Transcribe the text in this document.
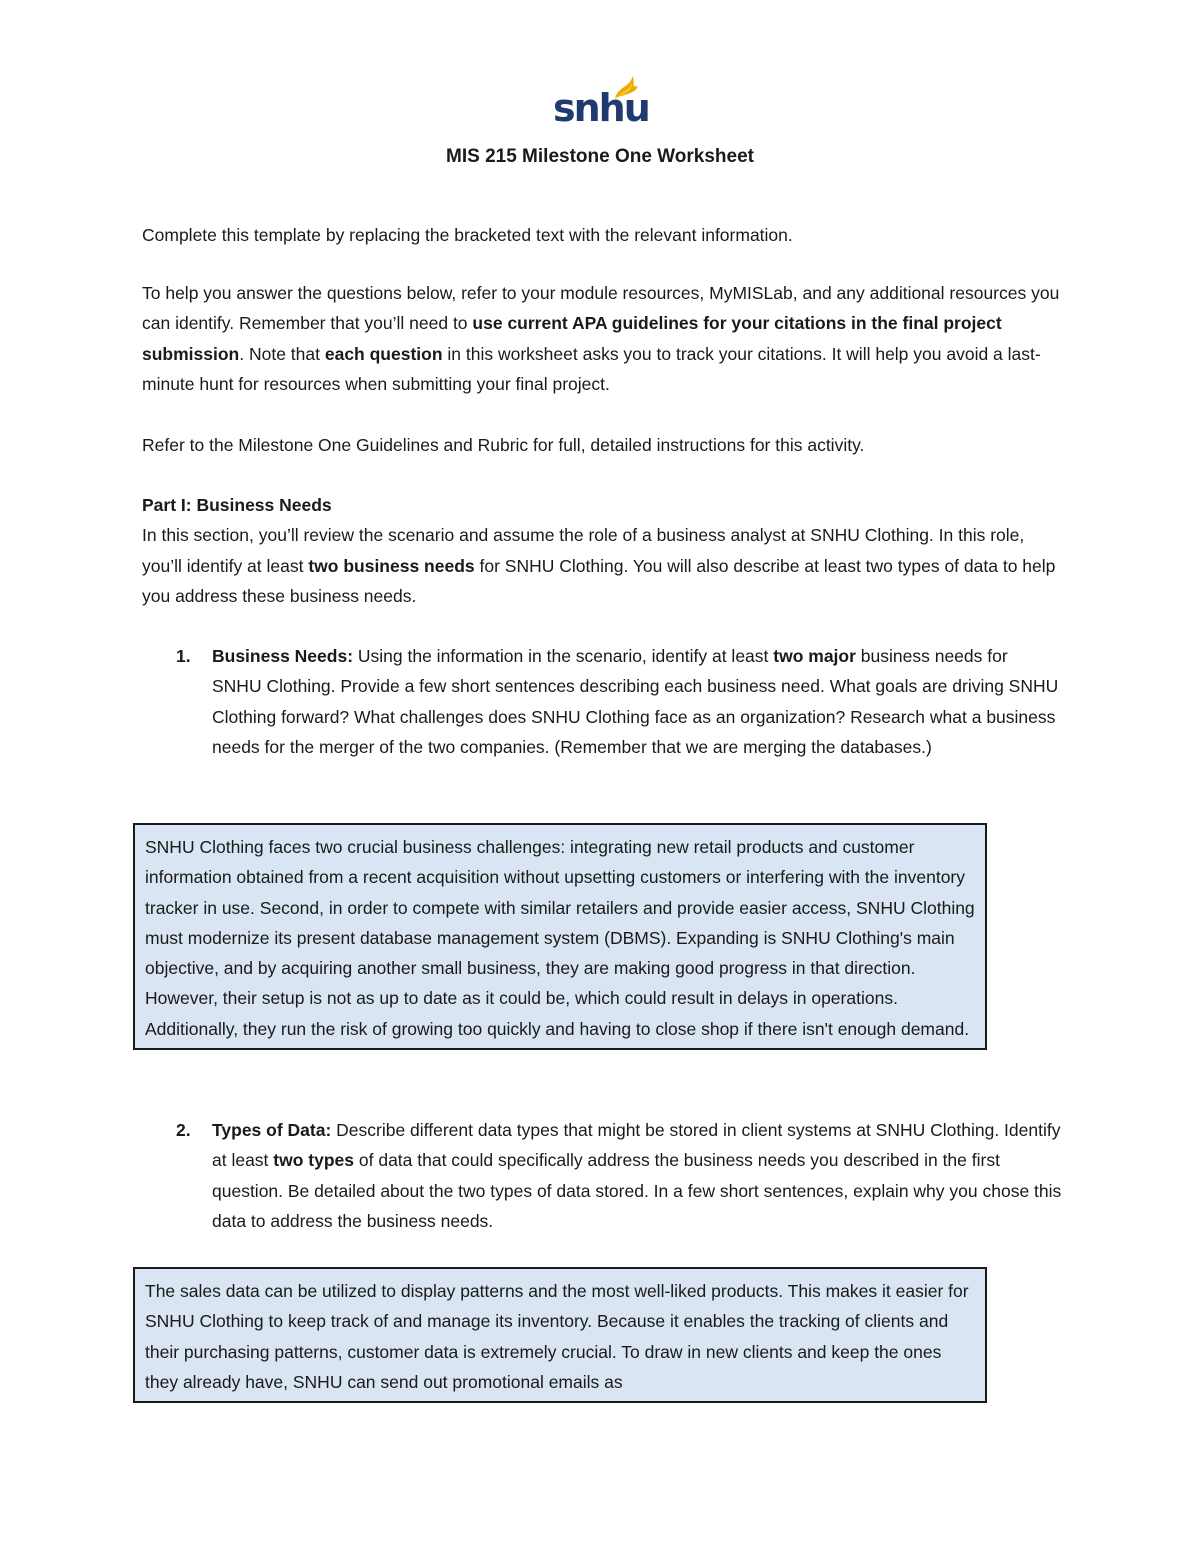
snhu
MIS 215 Milestone One Worksheet

Complete this template by replacing the bracketed text with the relevant information.

To help you answer the questions below, refer to your module resources, MyMISLab, and any additional resources you can identify. Remember that you’ll need to use current APA guidelines for your citations in the final project submission. Note that each question in this worksheet asks you to track your citations. It will help you avoid a last-minute hunt for resources when submitting your final project.

Refer to the Milestone One Guidelines and Rubric for full, detailed instructions for this activity.

Part I: Business Needs
In this section, you’ll review the scenario and assume the role of a business analyst at SNHU Clothing. In this role, you’ll identify at least two business needs for SNHU Clothing. You will also describe at least two types of data to help you address these business needs.

1. Business Needs: Using the information in the scenario, identify at least two major business needs for SNHU Clothing. Provide a few short sentences describing each business need. What goals are driving SNHU Clothing forward? What challenges does SNHU Clothing face as an organization? Research what a business needs for the merger of the two companies. (Remember that we are merging the databases.)
SNHU Clothing faces two crucial business challenges: integrating new retail products and customer information obtained from a recent acquisition without upsetting customers or interfering with the inventory tracker in use. Second, in order to compete with similar retailers and provide easier access, SNHU Clothing must modernize its present database management system (DBMS). Expanding is SNHU Clothing's main objective, and by acquiring another small business, they are making good progress in that direction. However, their setup is not as up to date as it could be, which could result in delays in operations. Additionally, they run the risk of growing too quickly and having to close shop if there isn't enough demand.
2. Types of Data: Describe different data types that might be stored in client systems at SNHU Clothing. Identify at least two types of data that could specifically address the business needs you described in the first question. Be detailed about the two types of data stored. In a few short sentences, explain why you chose this data to address the business needs.
The sales data can be utilized to display patterns and the most well-liked products. This makes it easier for SNHU Clothing to keep track of and manage its inventory. Because it enables the tracking of clients and their purchasing patterns, customer data is extremely crucial. To draw in new clients and keep the ones they already have, SNHU can send out promotional emails as
